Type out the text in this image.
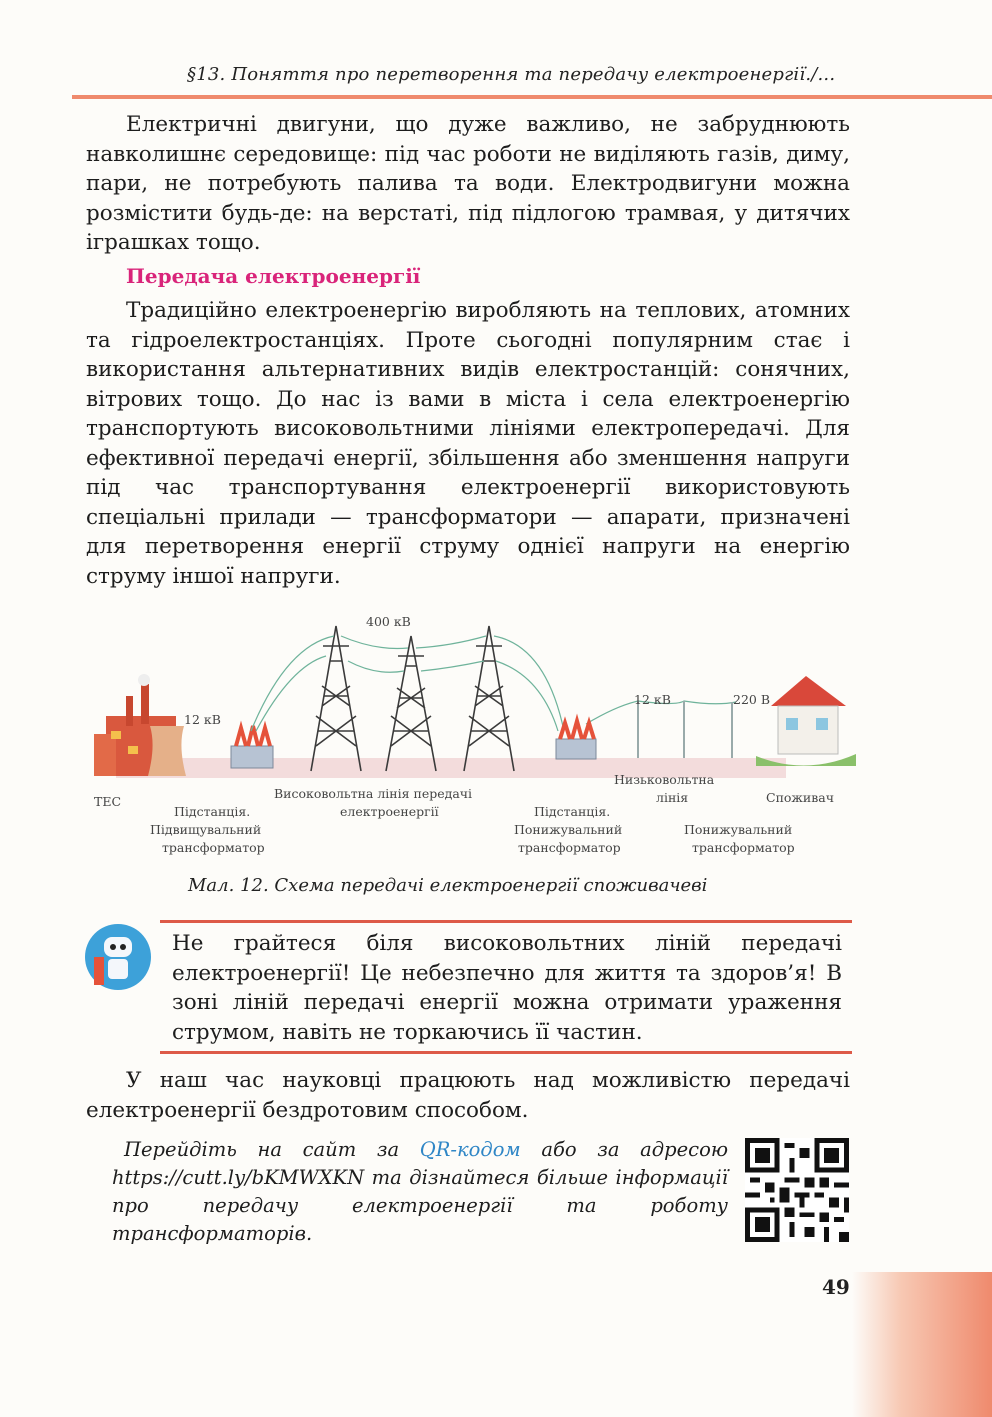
§13. Поняття про перетворення та передачу електроенергії./...
Електричні двигуни, що дуже важливо, не забруднюють навколишнє середовище: під час роботи не виділяють газів, диму, пари, не потребують палива та води. Електродвигуни можна розмістити будь-де: на верстаті, під підлогою трамвая, у дитячих іграшках тощо.
Передача електроенергії
Традиційно електроенергію виробляють на теплових, атомних та гідроелектростанціях. Проте сьогодні популярним стає і використання альтернативних видів електростанцій: сонячних, вітрових тощо. До нас із вами в міста і села електроенергію транспортують високовольтними лініями електропередачі. Для ефективної передачі енергії, збільшення або зменшення напруги під час транспортування електроенергії використовують спеціальні прилади — трансформатори — апарати, призначені для перетворення енергії струму однієї напруги на енергію струму іншої напруги.
400 кВ
12 кВ
12 кВ	220 В
ТЕС
Підстанція.
Підвищувальний
трансформатор
Високовольтна лінія передачі
електроенергії	Підстанція.
Понижувальний
трансформатор
Низьковольтна
лінія	Споживач
Понижувальний
трансформатор
Мал. 12. Схема передачі електроенергії споживачеві
Не грайтеся біля високовольтних ліній передачі електроенергії! Це небезпечно для життя та здоров’я! В зоні ліній передачі енергії можна отримати ураження струмом, навіть не торкаючись її частин.
У наш час науковці працюють над можливістю передачі електроенергії бездротовим способом.
Перейдіть на сайт за QR-кодом або за адресою https://cutt.ly/bKMWXKN та дізнайтеся більше інформації про передачу електроенергії та роботу трансформаторів.
49
